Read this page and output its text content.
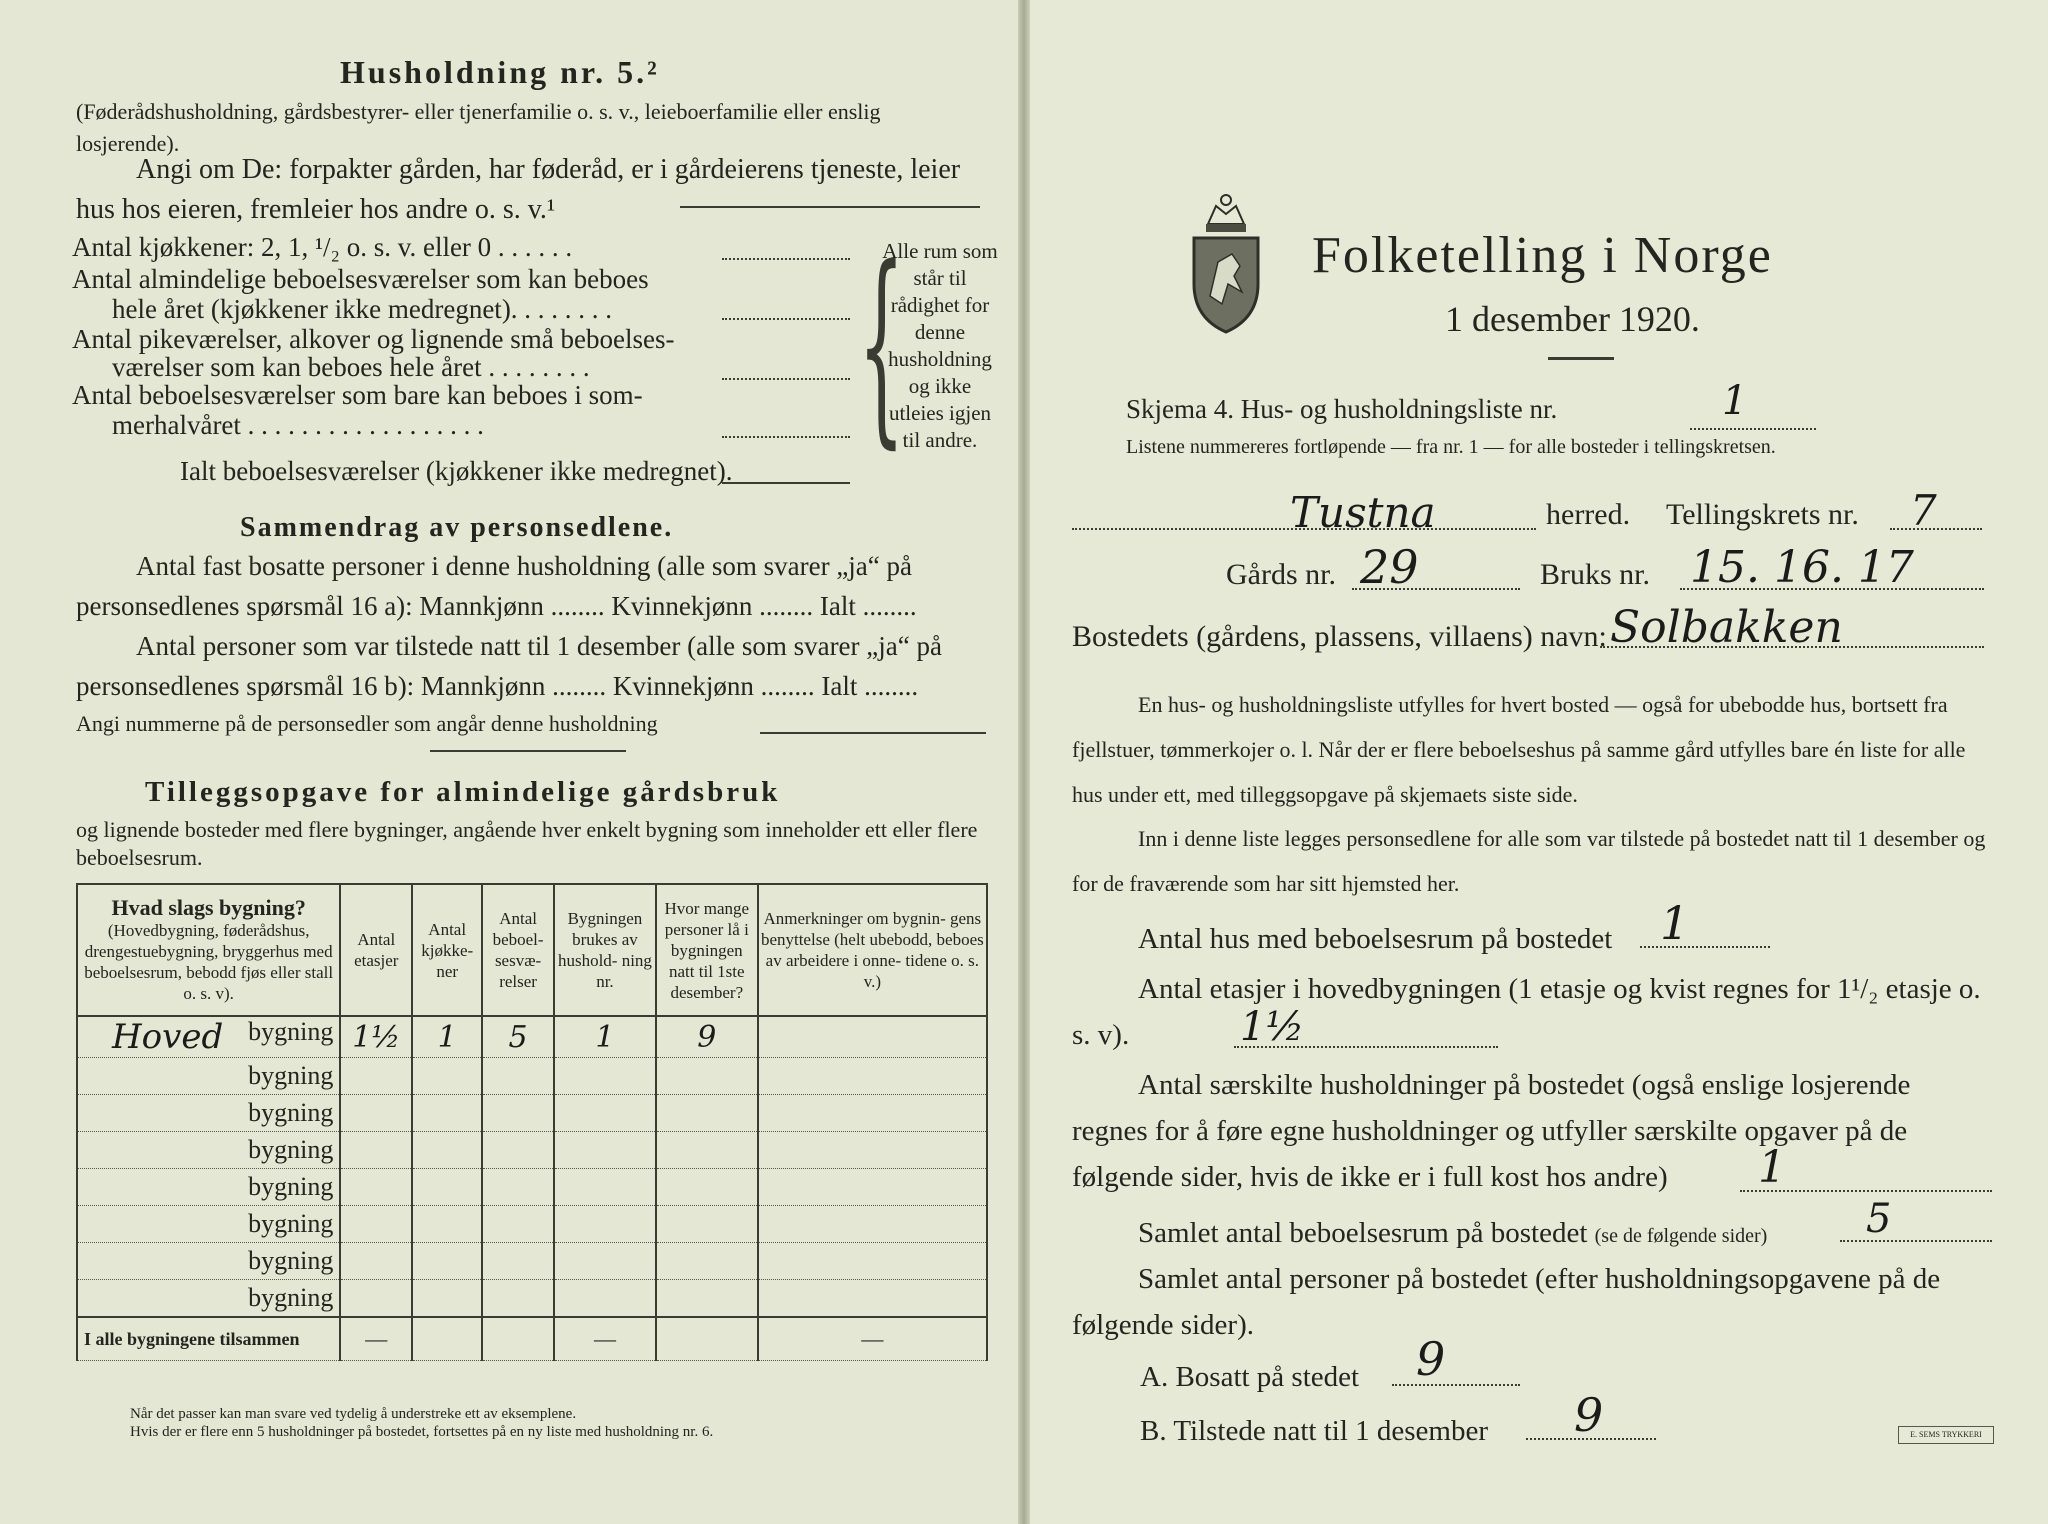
Husholdning nr. 5.²
(Føderådshusholdning, gårdsbestyrer- eller tjenerfamilie o. s. v., leieboerfamilie eller enslig losjerende).
Angi om De: forpakter gården, har føderåd, er i gårdeierens tjeneste, leier hus hos eieren, fremleier hos andre o. s. v.¹
Antal kjøkkener: 2, 1, ¹/₂ o. s. v. eller 0 . . . . . .
Antal almindelige beboelsesværelser som kan beboes
hele året (kjøkkener ikke medregnet). . . . . . . .
Antal pikeværelser, alkover og lignende små beboelses-
værelser som kan beboes hele året . . . . . . . .
Antal beboelsesværelser som bare kan beboes i som-
merhalvåret . . . . . . . . . . . . . . . . . .
Ialt beboelsesværelser (kjøkkener ikke medregnet).
{
Alle rum som står til rådighet for denne husholdning og ikke utleies igjen til andre.
Sammendrag av personsedlene.
Antal fast bosatte personer i denne husholdning (alle som svarer „ja“ på personsedlenes spørsmål 16 a): Mannkjønn ........ Kvinnekjønn ........ Ialt ........
Antal personer som var tilstede natt til 1 desember (alle som svarer „ja“ på personsedlenes spørsmål 16 b): Mannkjønn ........ Kvinnekjønn ........ Ialt ........
Angi nummerne på de personsedler som angår denne husholdning
Tilleggsopgave for almindelige gårdsbruk
og lignende bosteder med flere bygninger, angående hver enkelt bygning som inneholder ett eller flere beboelsesrum.
Hvad slags bygning?
(Hovedbygning, føderådshus, drengestuebygning, bryggerhus med beboelsesrum, bebodd fjøs eller stall o. s. v).	Antal etasjer	Antal kjøkke- ner	Antal beboel- sesvæ- relser	Bygningen brukes av hushold- ning nr.	Hvor mange personer lå i bygningen natt til 1ste desember?	Anmerkninger om bygnin- gens benyttelse (helt ubebodd, beboes av arbeidere i onne- tidene o. s. v.)

Hoved bygning	1½	1	5	1	9	
bygning						
bygning						
bygning						
bygning						
bygning						
bygning						
bygning						
I alle bygningene tilsammen	—			—		—
Når det passer kan man svare ved tydelig å understreke ett av eksemplene.
Hvis der er flere enn 5 husholdninger på bostedet, fortsettes på en ny liste med husholdning nr. 6.
Folketelling i Norge
1 desember 1920.
Skjema 4. Hus- og husholdningsliste nr.	1
Listene nummereres fortløpende — fra nr. 1 — for alle bosteder i tellingskretsen.
Tustna	herred. Tellingskrets nr. 7
Gårds nr. 29	Bruks nr. 15. 16. 17
Bostedets (gårdens, plassens, villaens) navn: Solbakken
En hus- og husholdningsliste utfylles for hvert bosted — også for ubebodde hus, bortsett fra fjellstuer, tømmerkojer o. l. Når der er flere beboelseshus på samme gård utfylles bare én liste for alle hus under ett, med tilleggsopgave på skjemaets siste side.
Inn i denne liste legges personsedlene for alle som var tilstede på bostedet natt til 1 desember og for de fraværende som har sitt hjemsted her.
Antal hus med beboelsesrum på bostedet 1
Antal etasjer i hovedbygningen (1 etasje og kvist regnes for 1¹/₂ etasje o. s. v).	1½
Antal særskilte husholdninger på bostedet (også enslige losjerende regnes for å føre egne husholdninger og utfyller særskilte opgaver på de følgende sider, hvis de ikke er i full kost hos andre)	1
Samlet antal beboelsesrum på bostedet (se de følgende sider) 5
Samlet antal personer på bostedet (efter husholdningsopgavene på de følgende sider).
A. Bosatt på stedet 9
B. Tilstede natt til 1 desember 9	E. SEMS TRYKKERI
